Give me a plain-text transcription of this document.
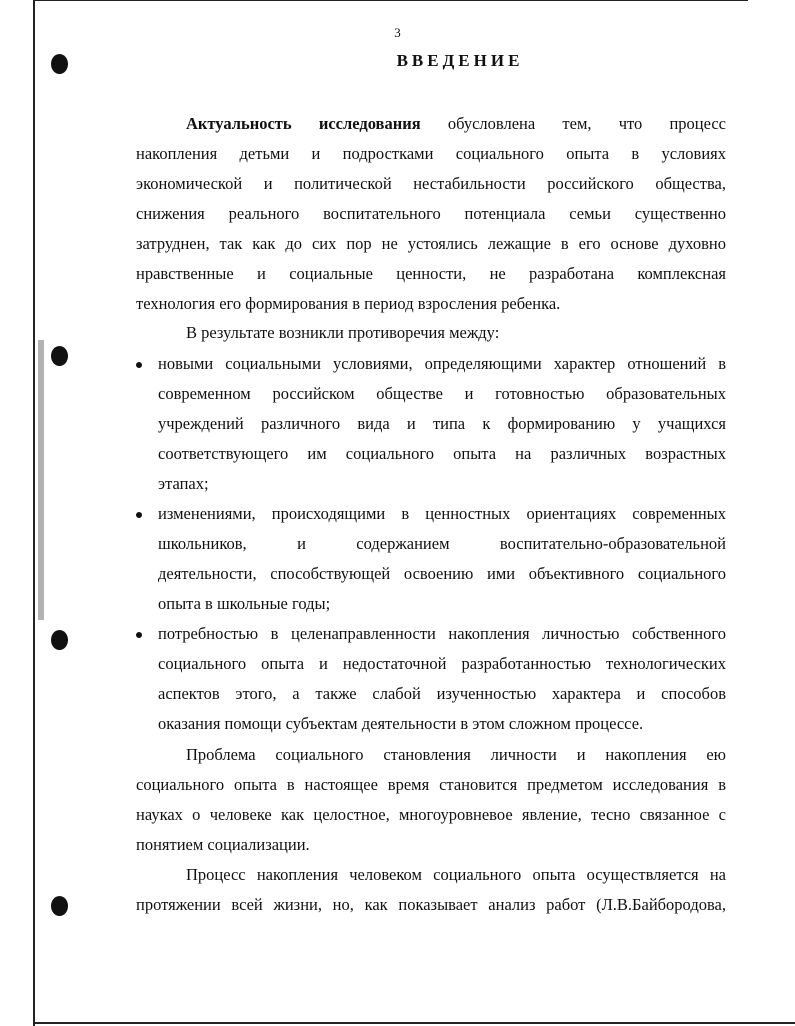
3
ВВЕДЕНИЕ
Актуальность исследования обусловлена тем, что процесс
накопления детьми и подростками социального опыта в условиях
экономической и политической нестабильности российского общества,
снижения реального воспитательного потенциала семьи существенно
затруднен, так как до сих пор не устоялись лежащие в его основе духовно
нравственные и социальные ценности, не разработана комплексная
технология его формирования в период взросления ребенка.
В результате возникли противоречия между:
новыми социальными условиями, определяющими характер отношений в
современном российском обществе и готовностью образовательных
учреждений различного вида и типа к формированию у учащихся
соответствующего им социального опыта на различных возрастных
этапах;
изменениями, происходящими в ценностных ориентациях современных
школьников, и содержанием воспитательно-образовательной
деятельности, способствующей освоению ими объективного социального
опыта в школьные годы;
потребностью в целенаправленности накопления личностью собственного
социального опыта и недостаточной разработанностью технологических
аспектов этого, а также слабой изученностью характера и способов
оказания помощи субъектам деятельности в этом сложном процессе.
Проблема социального становления личности и накопления ею
социального опыта в настоящее время становится предметом исследования в
науках о человеке как целостное, многоуровневое явление, тесно связанное с
понятием социализации.
Процесс накопления человеком социального опыта осуществляется на
протяжении всей жизни, но, как показывает анализ работ (Л.В.Байбородова,
